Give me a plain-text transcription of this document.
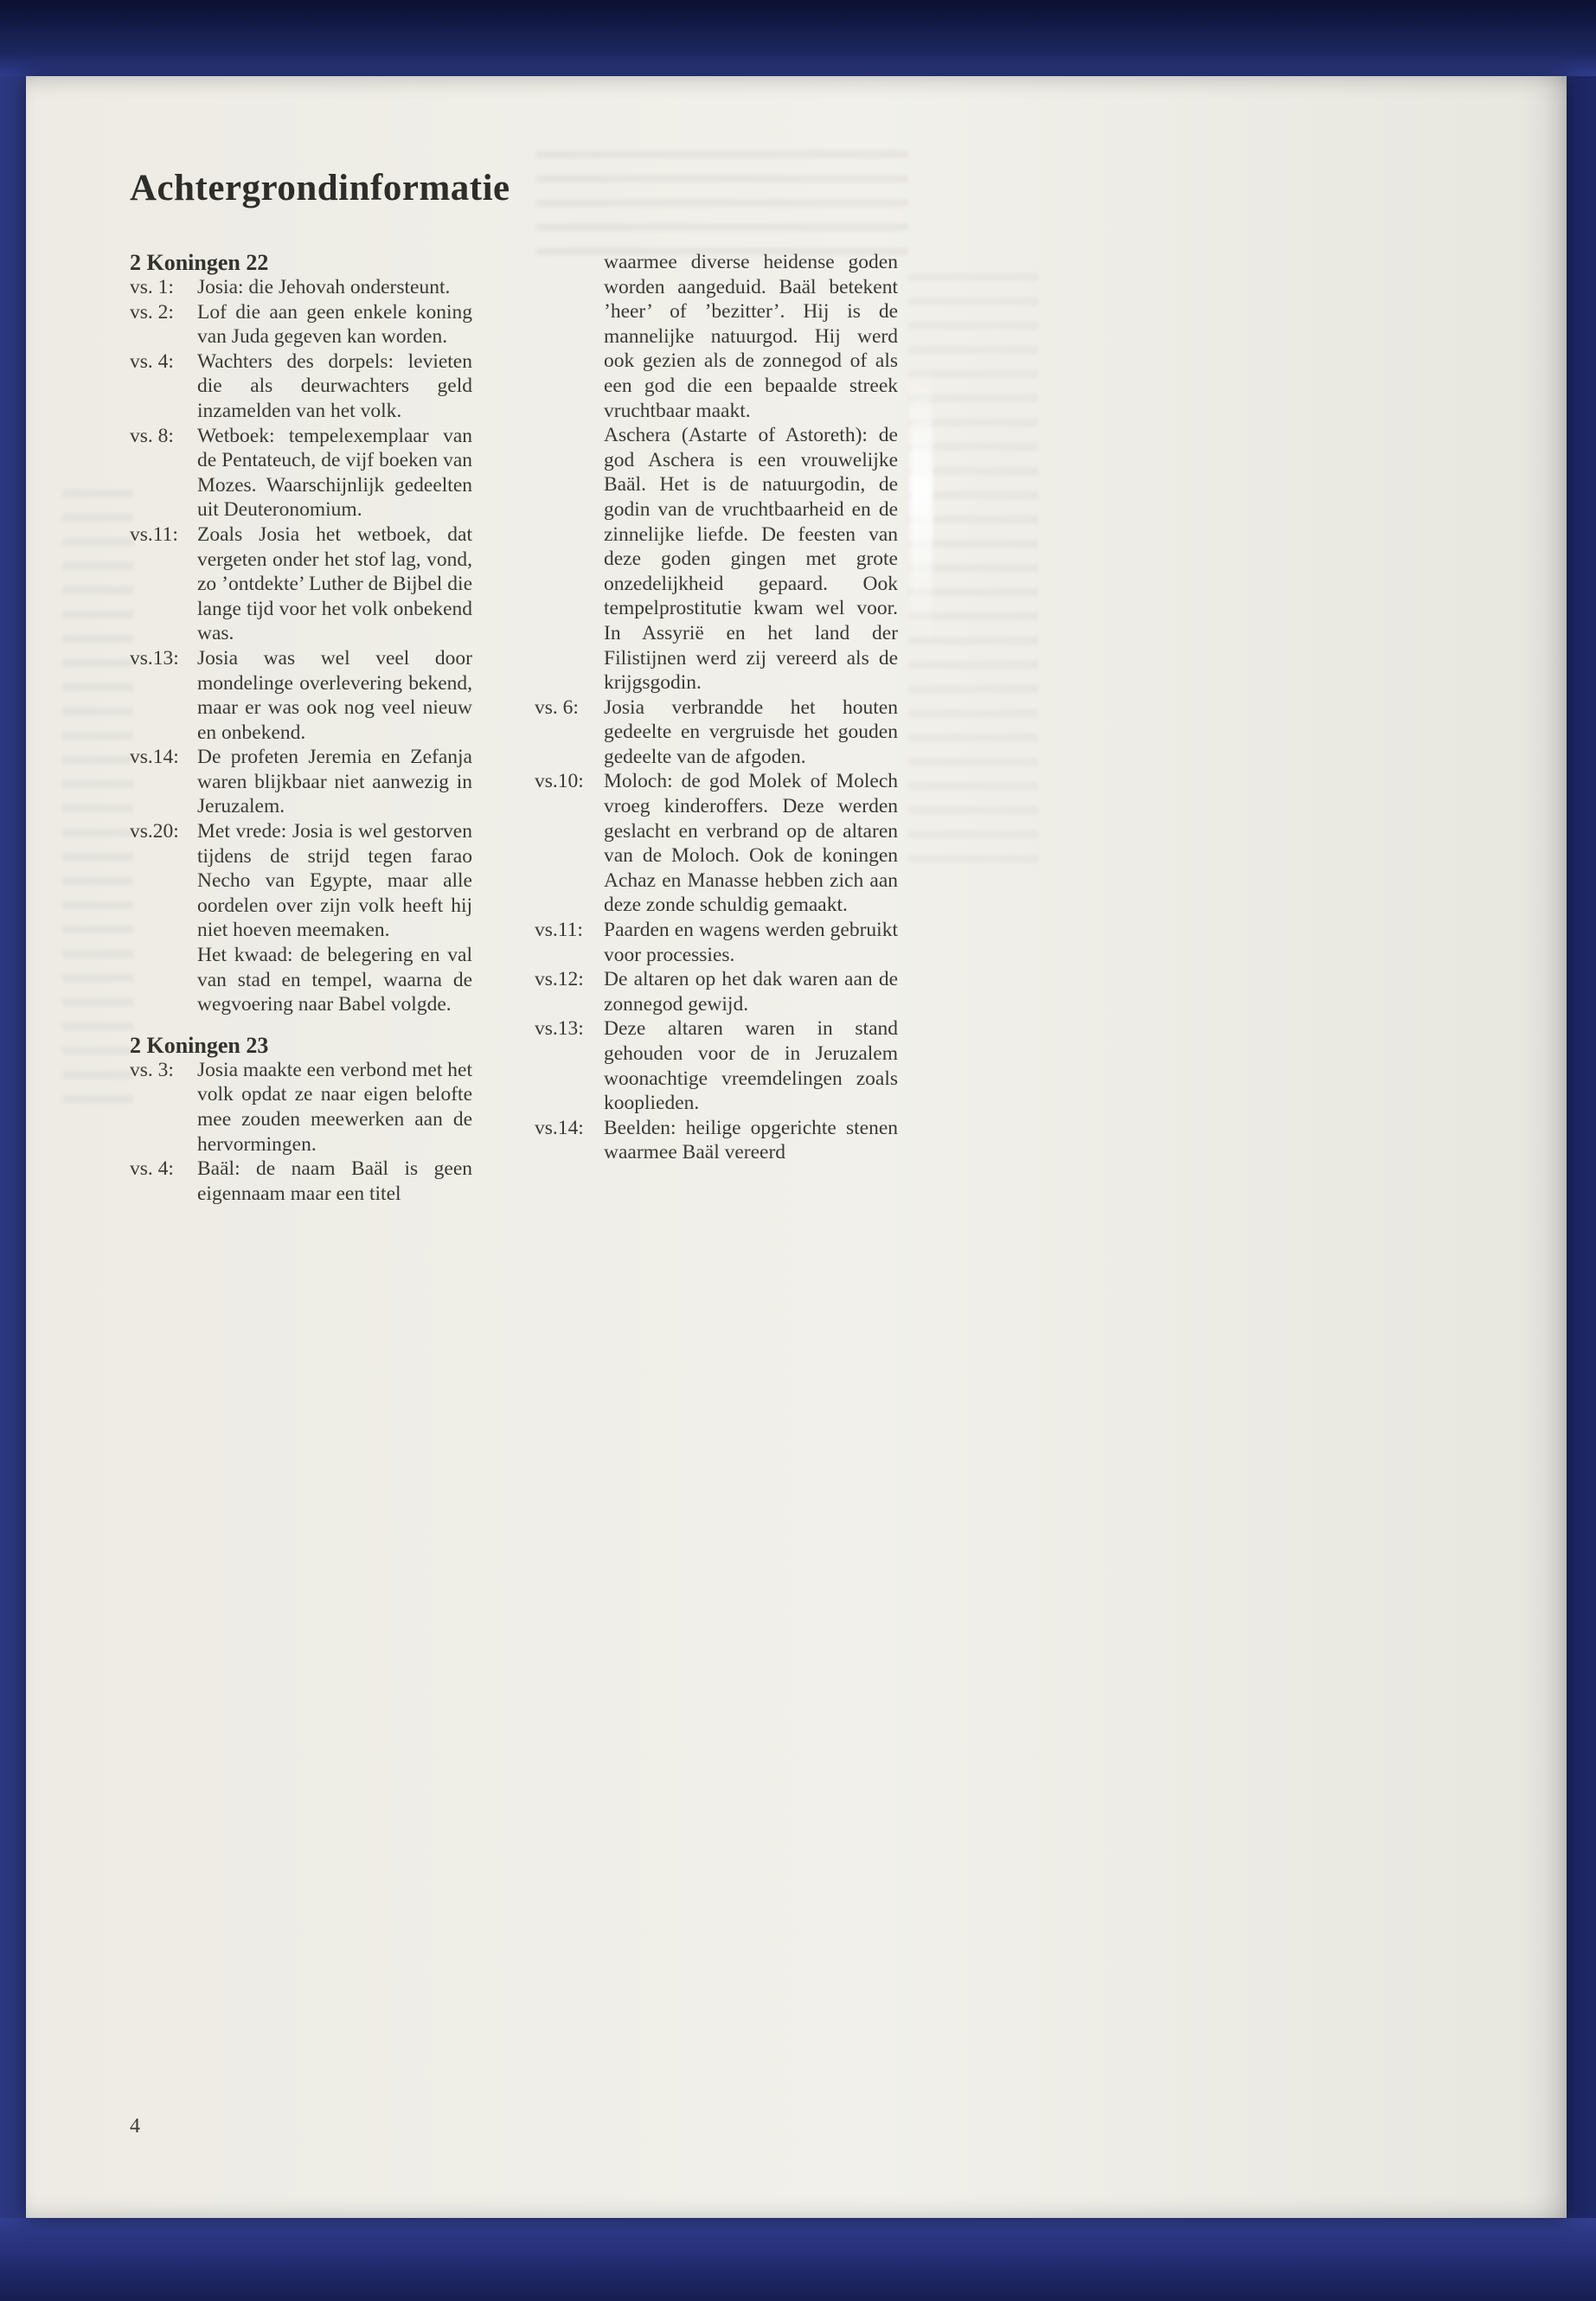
Achtergrondinformatie
2 Koningen 22
vs. 1:	Josia: die Jehovah ondersteunt.
vs. 2:	Lof die aan geen enkele koning van Juda gegeven kan worden.
vs. 4:	Wachters des dorpels: levieten die als deurwachters geld inzamelden van het volk.
vs. 8:	Wetboek: tempelexemplaar van de Pentateuch, de vijf boeken van Mozes. Waarschijnlijk gedeelten uit Deuteronomium.
vs.11: Zoals Josia het wetboek, dat vergeten onder het stof lag, vond, zo ’ontdekte’ Luther de Bijbel die lange tijd voor het volk onbekend was.
vs.13: Josia was wel veel door mondelinge overlevering bekend, maar er was ook nog veel nieuw en onbekend.
vs.14: De profeten Jeremia en Zefanja waren blijkbaar niet aanwezig in Jeruzalem.
vs.20: Met vrede: Josia is wel gestorven tijdens de strijd tegen farao Necho van Egypte, maar alle oordelen over zijn volk heeft hij niet hoeven meemaken.
Het kwaad: de belegering en val van stad en tempel, waarna de wegvoering naar Babel volgde.
2 Koningen 23
vs. 3:	Josia maakte een verbond met het volk opdat ze naar eigen belofte mee zouden meewerken aan de hervormingen.
vs. 4:	Baäl: de naam Baäl is geen eigennaam maar een titel
waarmee diverse heidense goden worden aangeduid. Baäl betekent ’heer’ of ’bezitter’. Hij is de mannelijke natuurgod. Hij werd ook gezien als de zonnegod of als een god die een bepaalde streek vruchtbaar maakt.
Aschera (Astarte of Astoreth): de god Aschera is een vrouwelijke Baäl. Het is de natuurgodin, de godin van de vruchtbaarheid en de zinnelijke liefde. De feesten van deze goden gingen met grote onzedelijkheid gepaard. Ook tempelprostitutie kwam wel voor. In Assyrië en het land der Filistijnen werd zij vereerd als de krijgsgodin.
vs. 6:	Josia verbrandde het houten gedeelte en vergruisde het gouden gedeelte van de afgoden.
vs.10: Moloch: de god Molek of Molech vroeg kinderoffers. Deze werden geslacht en verbrand op de altaren van de Moloch. Ook de koningen Achaz en Manasse hebben zich aan deze zonde schuldig gemaakt.
vs.11:	Paarden en wagens werden gebruikt voor processies.
vs.12: De altaren op het dak waren aan de zonnegod gewijd.
vs.13: Deze altaren waren in stand gehouden voor de in Jeruzalem woonachtige vreemdelingen zoals kooplieden.
vs.14: Beelden: heilige opgerichte stenen waarmee Baäl vereerd
4
